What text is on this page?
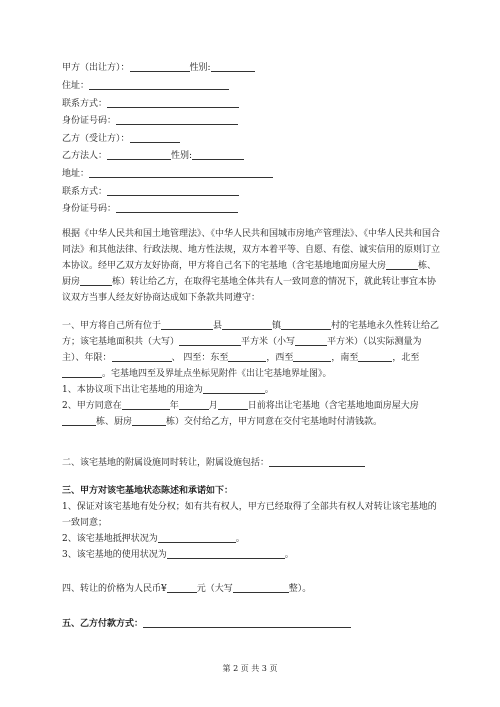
甲方（出让方）：	性别:
住址：
联系方式：
身份证号码：
乙方（受让方）：
乙方法人：	性别:
地址：
联系方式：
身份证号码：

根据《中华人民共和国土地管理法》、《中华人民共和国城市房地产管理法》、《中华人民共和国合同法》和其他法律、行政法规、地方性法规，双方本着平等、自愿、有偿、诚实信用的原则订立本协议。经甲乙双方友好协商，甲方将自己名下的宅基地（含宅基地地面房屋大房	栋、厨房	栋）转让给乙方，在取得宅基地全体共有人一致同意的情况下，就此转让事宜本协议双方当事人经友好协商达成如下条款共同遵守：

一、甲方将自己所有位于	县	镇	村的宅基地永久性转让给乙方；该宅基地面积共（大写）	平方米（小写	平方米）（以实际测量为主）、年限：	、 四至：东至	，西至	，南至	，北至。宅基地四至及界址点坐标见附件《出让宅基地界址图》。

1、本协议项下出让宅基地的用途为	。

2、甲方同意在	年	月	日前将出让宅基地（含宅基地地面房屋大房栋、厨房	栋）交付给乙方，甲方同意在交付宅基地时付清钱款。

二、该宅基地的附属设施同时转让，附属设施包括：

三、甲方对该宅基地状态陈述和承诺如下：

1、保证对该宅基地有处分权；如有共有权人，甲方已经取得了全部共有权人对转让该宅基地的一致同意；

2、该宅基地抵押状况为	。

3、该宅基地的使用状况为	。

四、转让的价格为人民币¥	元（大写	整）。
五、乙方付款方式：
第 2 页 共 3 页
